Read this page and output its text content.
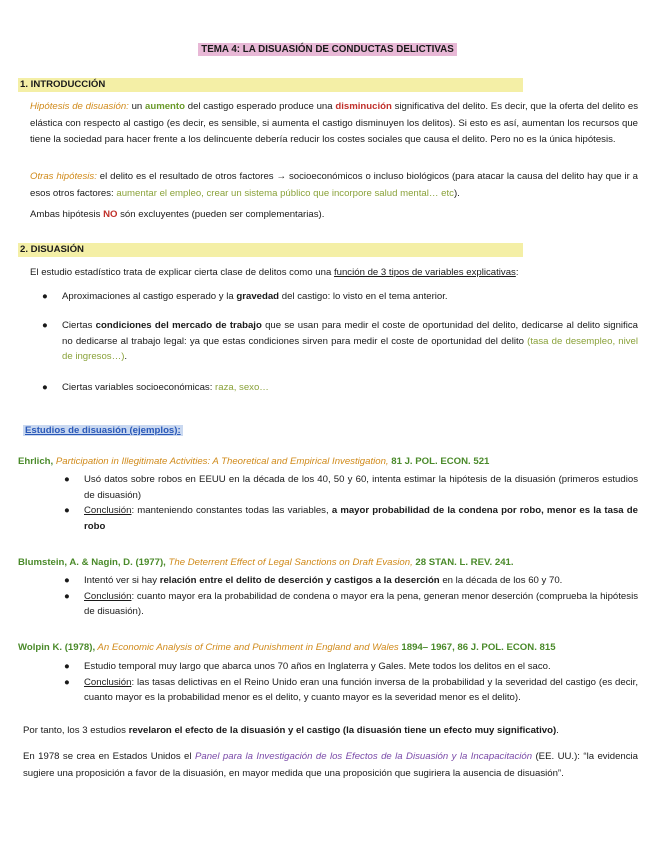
TEMA 4: LA DISUASIÓN DE CONDUCTAS DELICTIVAS
1. INTRODUCCIÓN
Hipótesis de disuasión: un aumento del castigo esperado produce una disminución significativa del delito. Es decir, que la oferta del delito es elástica con respecto al castigo (es decir, es sensible, si aumenta el castigo disminuyen los delitos). Si esto es así, aumentan los recursos que tiene la sociedad para hacer frente a los delincuente debería reducir los costes sociales que causa el delito. Pero no es la única hipótesis.
Otras hipótesis: el delito es el resultado de otros factores → socioeconómicos o incluso biológicos (para atacar la causa del delito hay que ir a esos otros factores: aumentar el empleo, crear un sistema público que incorpore salud mental… etc).
Ambas hipótesis NO són excluyentes (pueden ser complementarias).
2. DISUASIÓN
El estudio estadístico trata de explicar cierta clase de delitos como una función de 3 tipos de variables explicativas:
● Aproximaciones al castigo esperado y la gravedad del castigo: lo visto en el tema anterior.
● Ciertas condiciones del mercado de trabajo que se usan para medir el coste de oportunidad del delito, dedicarse al delito significa no dedicarse al trabajo legal: ya que estas condiciones sirven para medir el coste de oportunidad del delito (tasa de desempleo, nivel de ingresos…).
● Ciertas variables socioeconómicas: raza, sexo…
Estudios de disuasión (ejemplos):
Ehrlich, Participation in Illegitimate Activities: A Theoretical and Empirical Investigation, 81 J. POL. ECON. 521
● Usó datos sobre robos en EEUU en la década de los 40, 50 y 60, intenta estimar la hipótesis de la disuasión (primeros estudios de disuasión)
● Conclusión: manteniendo constantes todas las variables, a mayor probabilidad de la condena por robo, menor es la tasa de robo
Blumstein, A. & Nagin, D. (1977), The Deterrent Effect of Legal Sanctions on Draft Evasion, 28 STAN. L. REV. 241.
● Intentó ver si hay relación entre el delito de deserción y castigos a la deserción en la década de los 60 y 70.
● Conclusión: cuanto mayor era la probabilidad de condena o mayor era la pena, generan menor deserción (comprueba la hipótesis de disuasión).
Wolpin K. (1978), An Economic Analysis of Crime and Punishment in England and Wales 1894– 1967, 86 J. POL. ECON. 815
● Estudio temporal muy largo que abarca unos 70 años en Inglaterra y Gales. Mete todos los delitos en el saco.
● Conclusión: las tasas delictivas en el Reino Unido eran una función inversa de la probabilidad y la severidad del castigo (es decir, cuanto mayor es la probabilidad menor es el delito, y cuanto mayor es la severidad menor es el delito).
Por tanto, los 3 estudios revelaron el efecto de la disuasión y el castigo (la disuasión tiene un efecto muy significativo).
En 1978 se crea en Estados Unidos el Panel para la Investigación de los Efectos de la Disuasión y la Incapacitación (EE. UU.): “la evidencia sugiere una proposición a favor de la disuasión, en mayor medida que una proposición que sugiriera la ausencia de disuasión”.
